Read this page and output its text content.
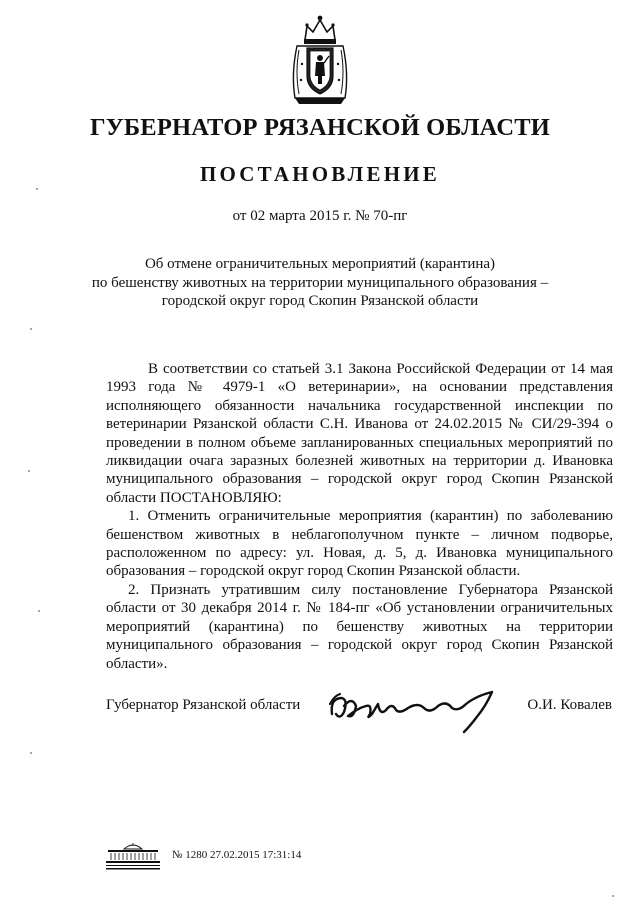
ГУБЕРНАТОР РЯЗАНСКОЙ ОБЛАСТИ
ПОСТАНОВЛЕНИЕ
от 02 марта 2015 г. № 70-пг
Об отмене ограничительных мероприятий (карантина)
по бешенству животных на территории муниципального образования –
городской округ город Скопин Рязанской области

В соответствии со статьей 3.1 Закона Российской Федерации от 14 мая 1993 года № 4979-1 «О ветеринарии», на основании представления исполняющего обязанности начальника государственной инспекции по ветеринарии Рязанской области С.Н. Иванова от 24.02.2015 № СИ/29-394 о проведении в полном объеме запланированных специальных мероприятий по ликвидации очага заразных болезней животных на территории д. Ивановка муниципального образования – городской округ город Скопин Рязанской области ПОСТАНОВЛЯЮ:

1. Отменить ограничительные мероприятия (карантин) по заболеванию бешенством животных в неблагополучном пункте – личном подворье, расположенном по адресу: ул. Новая, д. 5, д. Ивановка муниципального образования – городской округ город Скопин Рязанской области.

2. Признать утратившим силу постановление Губернатора Рязанской области от 30 декабря 2014 г. № 184-пг «Об установлении ограничительных мероприятий (карантина) по бешенству животных на территории муниципального образования – городской округ город Скопин Рязанской области».

Губернатор Рязанской области	О.И. Ковалев
№ 1280 27.02.2015 17:31:14
